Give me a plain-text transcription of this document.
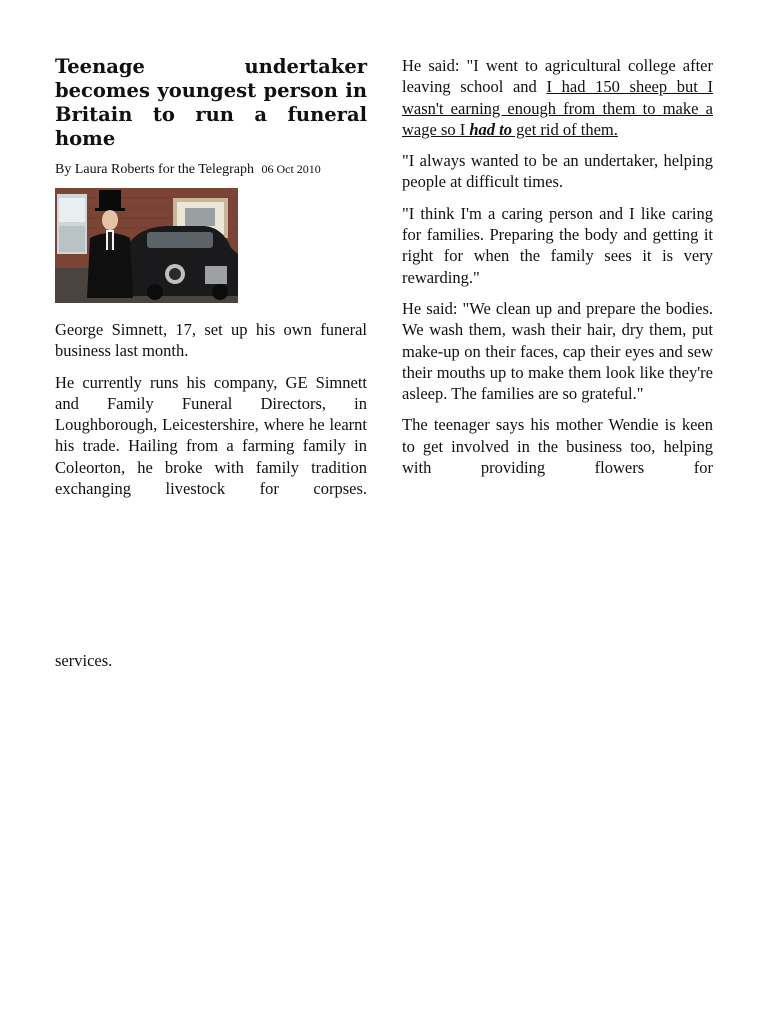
Teenage undertaker becomes youngest person in Britain to run a funeral home
By Laura Roberts for the Telegraph 06 Oct 2010

George Simnett, 17, set up his own funeral business last month.

He currently runs his company, GE Simnett and Family Funeral Directors, in Loughborough, Leicestershire, where he learnt his trade. Hailing from a farming family in Coleorton, he broke with family tradition exchanging livestock for corpses.

He said: "I went to agricultural college after leaving school and I had 150 sheep but I wasn't earning enough from them to make a wage so I had to get rid of them.

"I always wanted to be an undertaker, helping people at difficult times.

"I think I'm a caring person and I like caring for families. Preparing the body and getting it right for when the family sees it is very rewarding."

He said: "We clean up and prepare the bodies. We wash them, wash their hair, dry them, put make-up on their faces, cap their eyes and sew their mouths up to make them look like they're asleep. The families are so grateful."

The teenager says his mother Wendie is keen to get involved in the business too, helping with providing flowers for

services.
